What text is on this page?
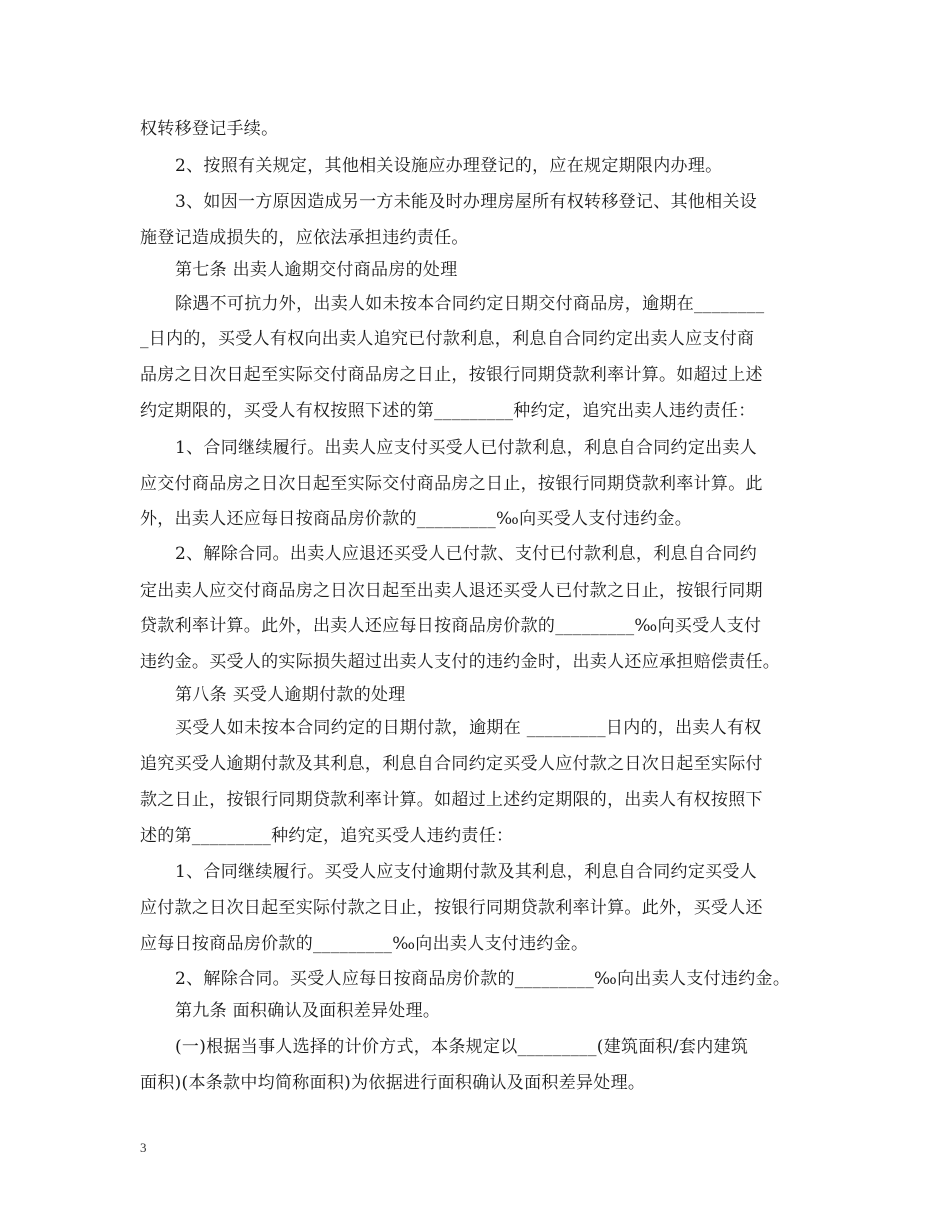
权转移登记手续。
2、按照有关规定，其他相关设施应办理登记的，应在规定期限内办理。
3、如因一方原因造成另一方未能及时办理房屋所有权转移登记、其他相关设
施登记造成损失的，应依法承担违约责任。
第七条 出卖人逾期交付商品房的处理
除遇不可抗力外，出卖人如未按本合同约定日期交付商品房，逾期在________
_日内的，买受人有权向出卖人追究已付款利息，利息自合同约定出卖人应支付商
品房之日次日起至实际交付商品房之日止，按银行同期贷款利率计算。如超过上述
约定期限的，买受人有权按照下述的第_________种约定，追究出卖人违约责任：
1、合同继续履行。出卖人应支付买受人已付款利息，利息自合同约定出卖人
应交付商品房之日次日起至实际交付商品房之日止，按银行同期贷款利率计算。此
外，出卖人还应每日按商品房价款的_________‰向买受人支付违约金。
2、解除合同。出卖人应退还买受人已付款、支付已付款利息，利息自合同约
定出卖人应交付商品房之日次日起至出卖人退还买受人已付款之日止，按银行同期
贷款利率计算。此外，出卖人还应每日按商品房价款的_________‰向买受人支付
违约金。买受人的实际损失超过出卖人支付的违约金时，出卖人还应承担赔偿责任。
第八条 买受人逾期付款的处理
买受人如未按本合同约定的日期付款，逾期在 _________日内的，出卖人有权
追究买受人逾期付款及其利息，利息自合同约定买受人应付款之日次日起至实际付
款之日止，按银行同期贷款利率计算。如超过上述约定期限的，出卖人有权按照下
述的第_________种约定，追究买受人违约责任：
1、合同继续履行。买受人应支付逾期付款及其利息，利息自合同约定买受人
应付款之日次日起至实际付款之日止，按银行同期贷款利率计算。此外，买受人还
应每日按商品房价款的_________‰向出卖人支付违约金。
2、解除合同。买受人应每日按商品房价款的_________‰向出卖人支付违约金。
第九条 面积确认及面积差异处理。
(一)根据当事人选择的计价方式，本条规定以_________(建筑面积/套内建筑
面积)(本条款中均简称面积)为依据进行面积确认及面积差异处理。
3
